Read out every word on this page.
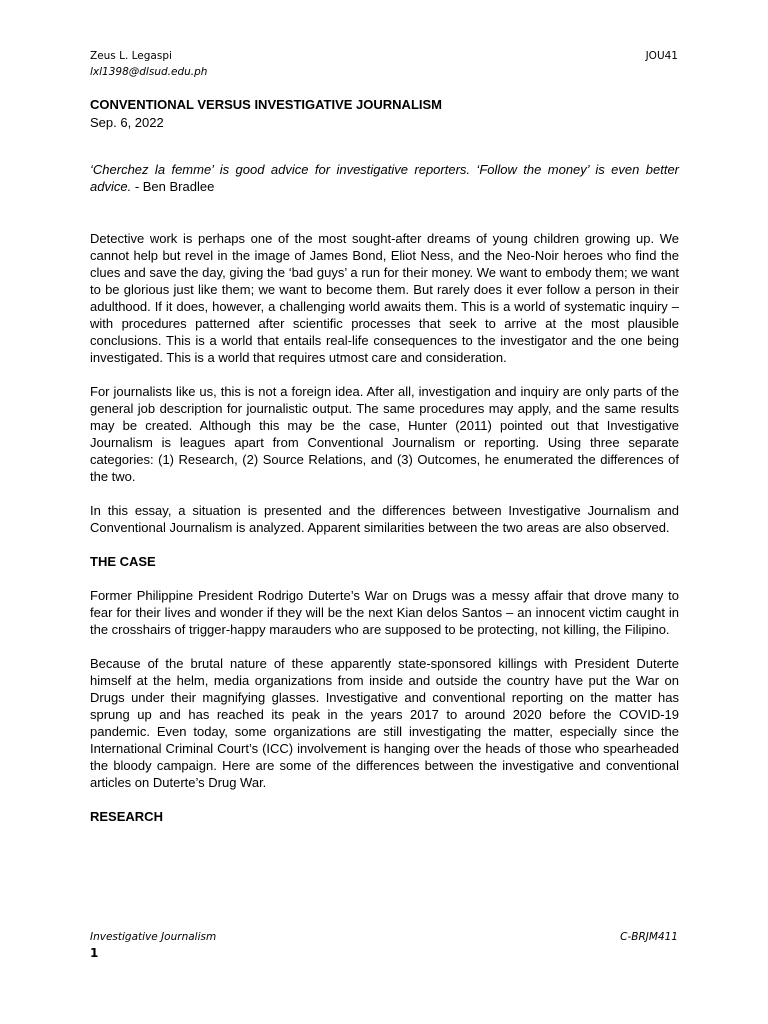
Zeus L. Legaspi
lxl1398@dlsud.edu.ph
JOU41
CONVENTIONAL VERSUS INVESTIGATIVE JOURNALISM
Sep. 6, 2022
‘Cherchez la femme’ is good advice for investigative reporters. ‘Follow the money’ is even better advice. - Ben Bradlee

Detective work is perhaps one of the most sought-after dreams of young children growing up. We cannot help but revel in the image of James Bond, Eliot Ness, and the Neo-Noir heroes who find the clues and save the day, giving the ‘bad guys’ a run for their money. We want to embody them; we want to be glorious just like them; we want to become them. But rarely does it ever follow a person in their adulthood. If it does, however, a challenging world awaits them. This is a world of systematic inquiry – with procedures patterned after scientific processes that seek to arrive at the most plausible conclusions. This is a world that entails real-life consequences to the investigator and the one being investigated. This is a world that requires utmost care and consideration.

For journalists like us, this is not a foreign idea. After all, investigation and inquiry are only parts of the general job description for journalistic output. The same procedures may apply, and the same results may be created. Although this may be the case, Hunter (2011) pointed out that Investigative Journalism is leagues apart from Conventional Journalism or reporting. Using three separate categories: (1) Research, (2) Source Relations, and (3) Outcomes, he enumerated the differences of the two.

In this essay, a situation is presented and the differences between Investigative Journalism and Conventional Journalism is analyzed. Apparent similarities between the two areas are also observed.

THE CASE

Former Philippine President Rodrigo Duterte’s War on Drugs was a messy affair that drove many to fear for their lives and wonder if they will be the next Kian delos Santos – an innocent victim caught in the crosshairs of trigger-happy marauders who are supposed to be protecting, not killing, the Filipino.

Because of the brutal nature of these apparently state-sponsored killings with President Duterte himself at the helm, media organizations from inside and outside the country have put the War on Drugs under their magnifying glasses. Investigative and conventional reporting on the matter has sprung up and has reached its peak in the years 2017 to around 2020 before the COVID-19 pandemic. Even today, some organizations are still investigating the matter, especially since the International Criminal Court’s (ICC) involvement is hanging over the heads of those who spearheaded the bloody campaign. Here are some of the differences between the investigative and conventional articles on Duterte’s Drug War.

RESEARCH
Investigative Journalism	C-BRJM411
1
